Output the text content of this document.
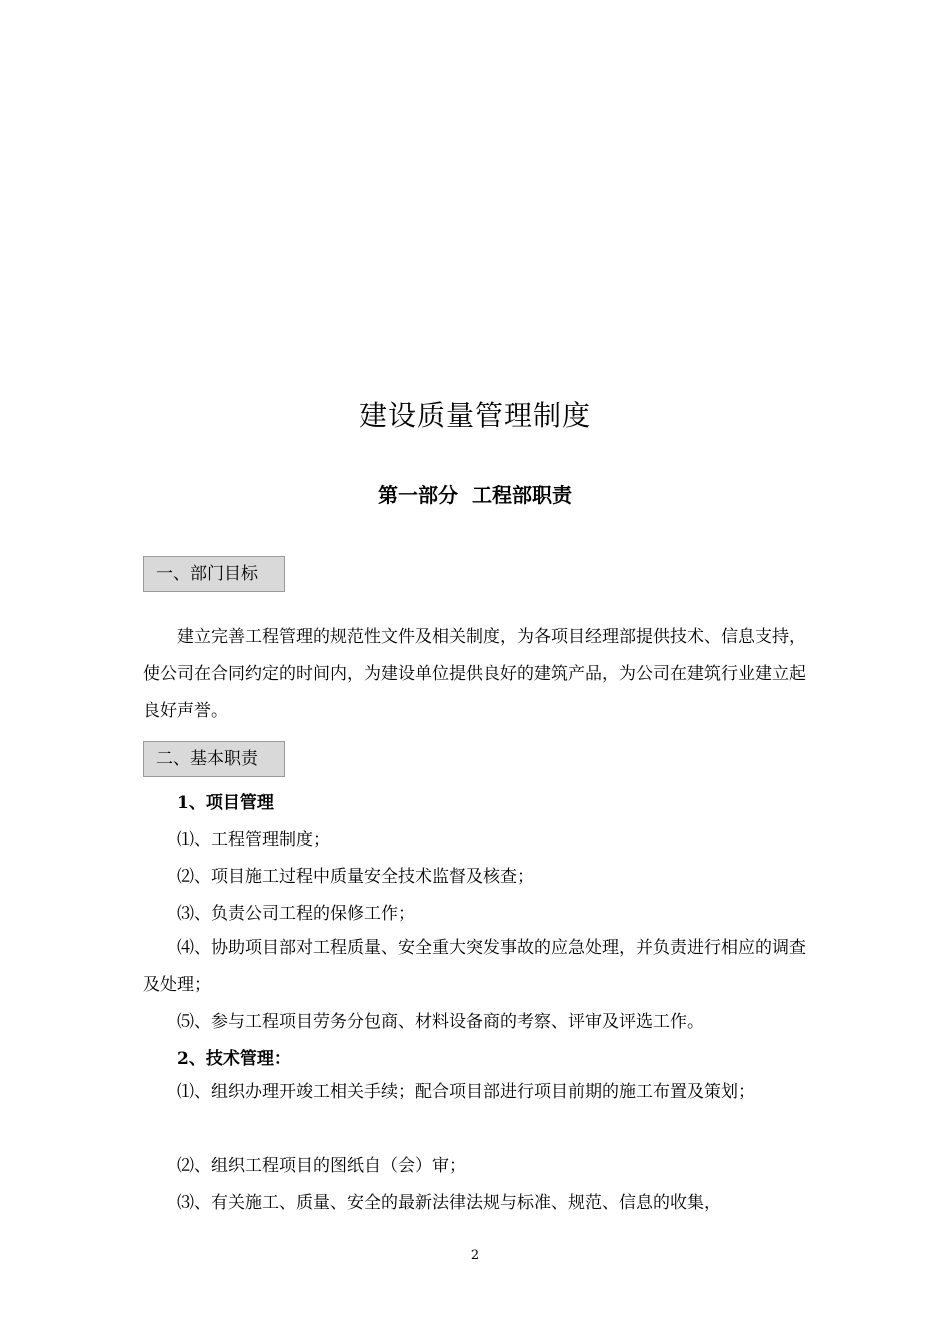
建设质量管理制度
第一部分  工程部职责
一、部门目标

建立完善工程管理的规范性文件及相关制度，为各项目经理部提供技术、信息支持，使公司在合同约定的时间内，为建设单位提供良好的建筑产品，为公司在建筑行业建立起良好声誉。

二、基本职责

1、项目管理

⑴、工程管理制度；

⑵、项目施工过程中质量安全技术监督及核查；

⑶、负责公司工程的保修工作；

⑷、协助项目部对工程质量、安全重大突发事故的应急处理，并负责进行相应的调查及处理；

⑸、参与工程项目劳务分包商、材料设备商的考察、评审及评选工作。

2、技术管理：

⑴、组织办理开竣工相关手续；配合项目部进行项目前期的施工布置及策划；

⑵、组织工程项目的图纸自（会）审；

⑶、有关施工、质量、安全的最新法律法规与标准、规范、信息的收集，

2
